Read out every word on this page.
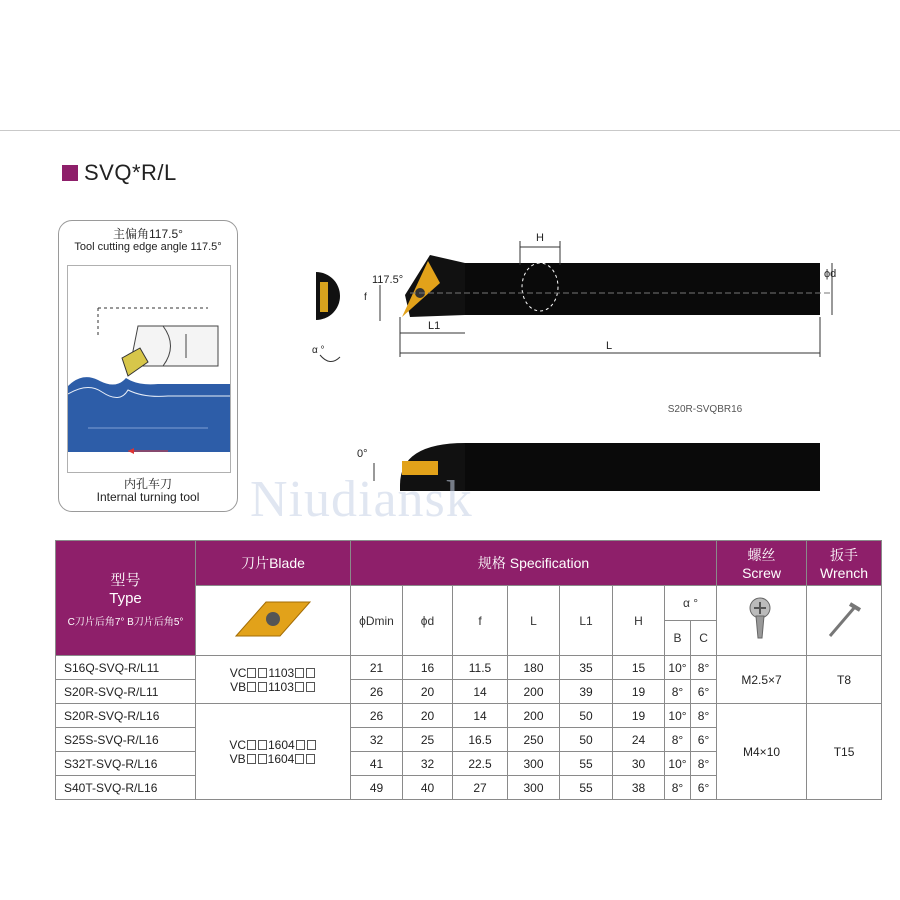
SVQ*R/L
主偏角117.5°
Tool cutting edge angle 117.5°
内孔车刀
Internal turning tool
S20R-SVQBR16
117.5°
H
ϕd
f
L1
L
α °
0°
Niudiansk
型号
Type
C刀片后角7° B刀片后角5°	刀片Blade	规格 Specification								螺丝
Screw	扳手
Wrench

	ϕDmin	ϕd	f	L	L1	H	α °
B C

S16Q-SVQ-R/L11	VC 1103
VB 1103	21	16	11.5	180	35	15	10°	8°	M2.5×7	T8
S20R-SVQ-R/L11		26	20	14	200	39	19	8°	6°		
S20R-SVQ-R/L16	VC 1604
VB 1604	26	20	14	200	50	19	10°	8°	M4×10	T15
S25S-SVQ-R/L16		32	25	16.5	250	50	24	8°	6°		
S32T-SVQ-R/L16		41	32	22.5	300	55	30	10°	8°		
S40T-SVQ-R/L16		49	40	27	300	55	38	8°	6°		
